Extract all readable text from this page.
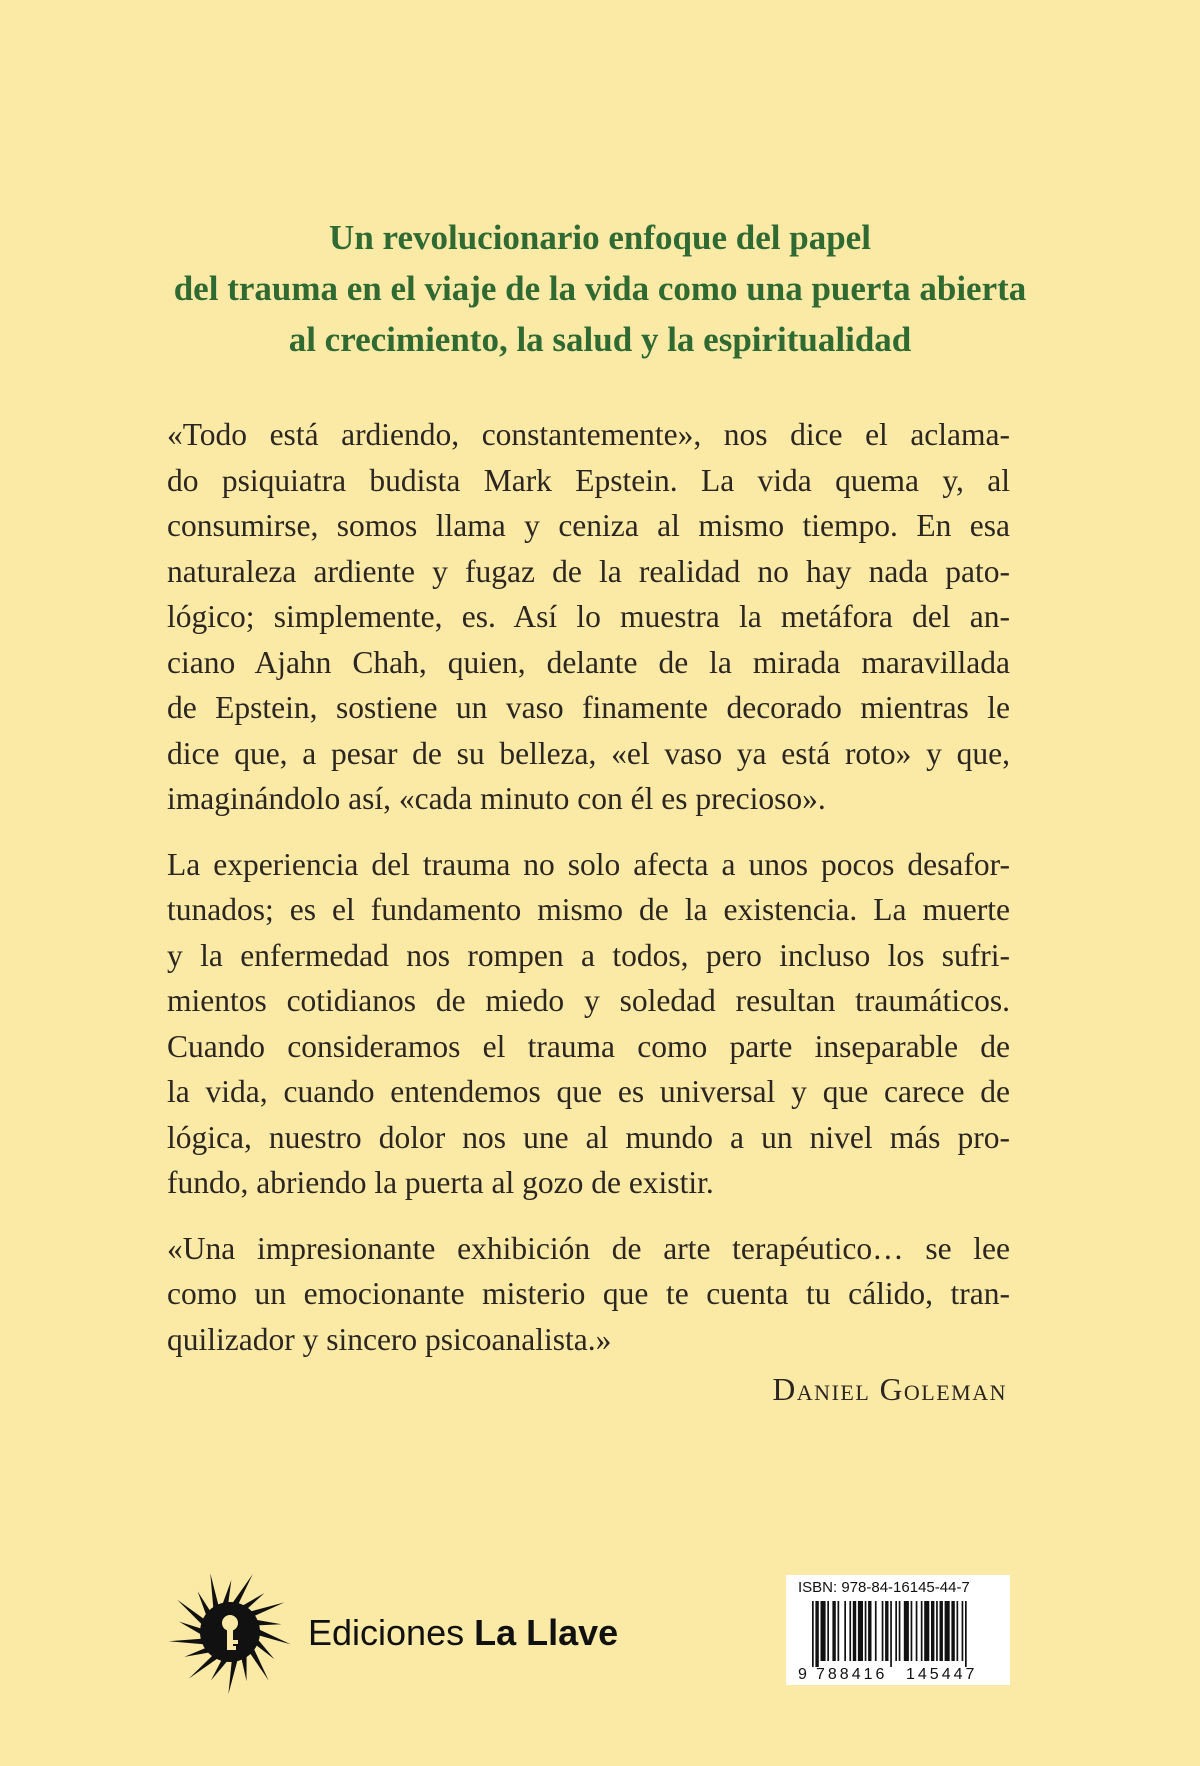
Un revolucionario enfoque del papel
del trauma en el viaje de la vida como una puerta abierta
al crecimiento, la salud y la espiritualidad
«Todo está ardiendo, constantemente», nos dice el aclama-
do psiquiatra budista Mark Epstein. La vida quema y, al
consumirse, somos llama y ceniza al mismo tiempo. En esa
naturaleza ardiente y fugaz de la realidad no hay nada pato-
lógico; simplemente, es. Así lo muestra la metáfora del an-
ciano Ajahn Chah, quien, delante de la mirada maravillada
de Epstein, sostiene un vaso finamente decorado mientras le
dice que, a pesar de su belleza, «el vaso ya está roto» y que,
imaginándolo así, «cada minuto con él es precioso».
La experiencia del trauma no solo afecta a unos pocos desafor-
tunados; es el fundamento mismo de la existencia. La muerte
y la enfermedad nos rompen a todos, pero incluso los sufri-
mientos cotidianos de miedo y soledad resultan traumáticos.
Cuando consideramos el trauma como parte inseparable de
la vida, cuando entendemos que es universal y que carece de
lógica, nuestro dolor nos une al mundo a un nivel más pro-
fundo, abriendo la puerta al gozo de existir.
«Una impresionante exhibición de arte terapéutico… se lee
como un emocionante misterio que te cuenta tu cálido, tran-
quilizador y sincero psicoanalista.»
Daniel Goleman
Ediciones La Llave
ISBN: 978-84-16145-44-7
9 788416 145447
